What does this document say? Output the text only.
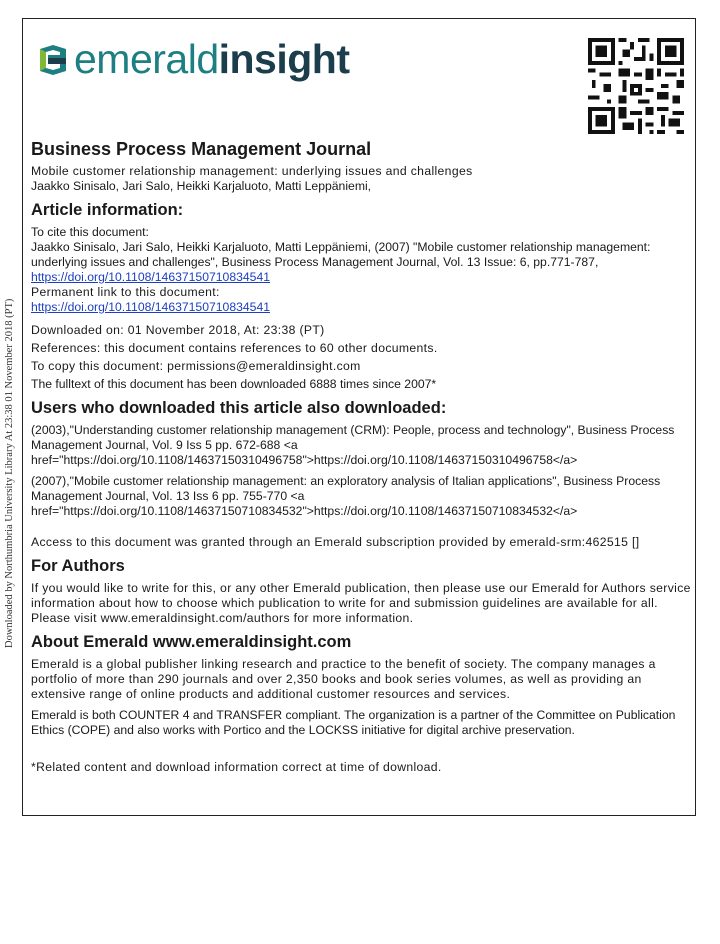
Downloaded by Northumbria University Library At 23:38 01 November 2018 (PT)
emerald insight
Business Process Management Journal

Mobile customer relationship management: underlying issues and challenges

Jaakko Sinisalo, Jari Salo, Heikki Karjaluoto, Matti Leppäniemi,

Article information:

To cite this document:

Jaakko Sinisalo, Jari Salo, Heikki Karjaluoto, Matti Leppäniemi, (2007) "Mobile customer relationship management: underlying issues and challenges", Business Process Management Journal, Vol. 13 Issue: 6, pp.771-787, https://doi.org/10.1108/14637150710834541

Permanent link to this document:

https://doi.org/10.1108/14637150710834541

Downloaded on: 01 November 2018, At: 23:38 (PT)

References: this document contains references to 60 other documents.

To copy this document: permissions@emeraldinsight.com

The fulltext of this document has been downloaded 6888 times since 2007*

Users who downloaded this article also downloaded:

(2003),"Understanding customer relationship management (CRM): People, process and technology", Business Process Management Journal, Vol. 9 Iss 5 pp. 672-688 <a href="https://doi.org/10.1108/14637150310496758">https://doi.org/10.1108/14637150310496758</a>

(2007),"Mobile customer relationship management: an exploratory analysis of Italian applications", Business Process Management Journal, Vol. 13 Iss 6 pp. 755-770 <a href="https://doi.org/10.1108/14637150710834532">https://doi.org/10.1108/14637150710834532</a>

Access to this document was granted through an Emerald subscription provided by emerald-srm:462515 []

For Authors

If you would like to write for this, or any other Emerald publication, then please use our Emerald for Authors service information about how to choose which publication to write for and submission guidelines are available for all. Please visit www.emeraldinsight.com/authors for more information.

About Emerald www.emeraldinsight.com

Emerald is a global publisher linking research and practice to the benefit of society. The company manages a portfolio of more than 290 journals and over 2,350 books and book series volumes, as well as providing an extensive range of online products and additional customer resources and services.

Emerald is both COUNTER 4 and TRANSFER compliant. The organization is a partner of the Committee on Publication Ethics (COPE) and also works with Portico and the LOCKSS initiative for digital archive preservation.

*Related content and download information correct at time of download.
